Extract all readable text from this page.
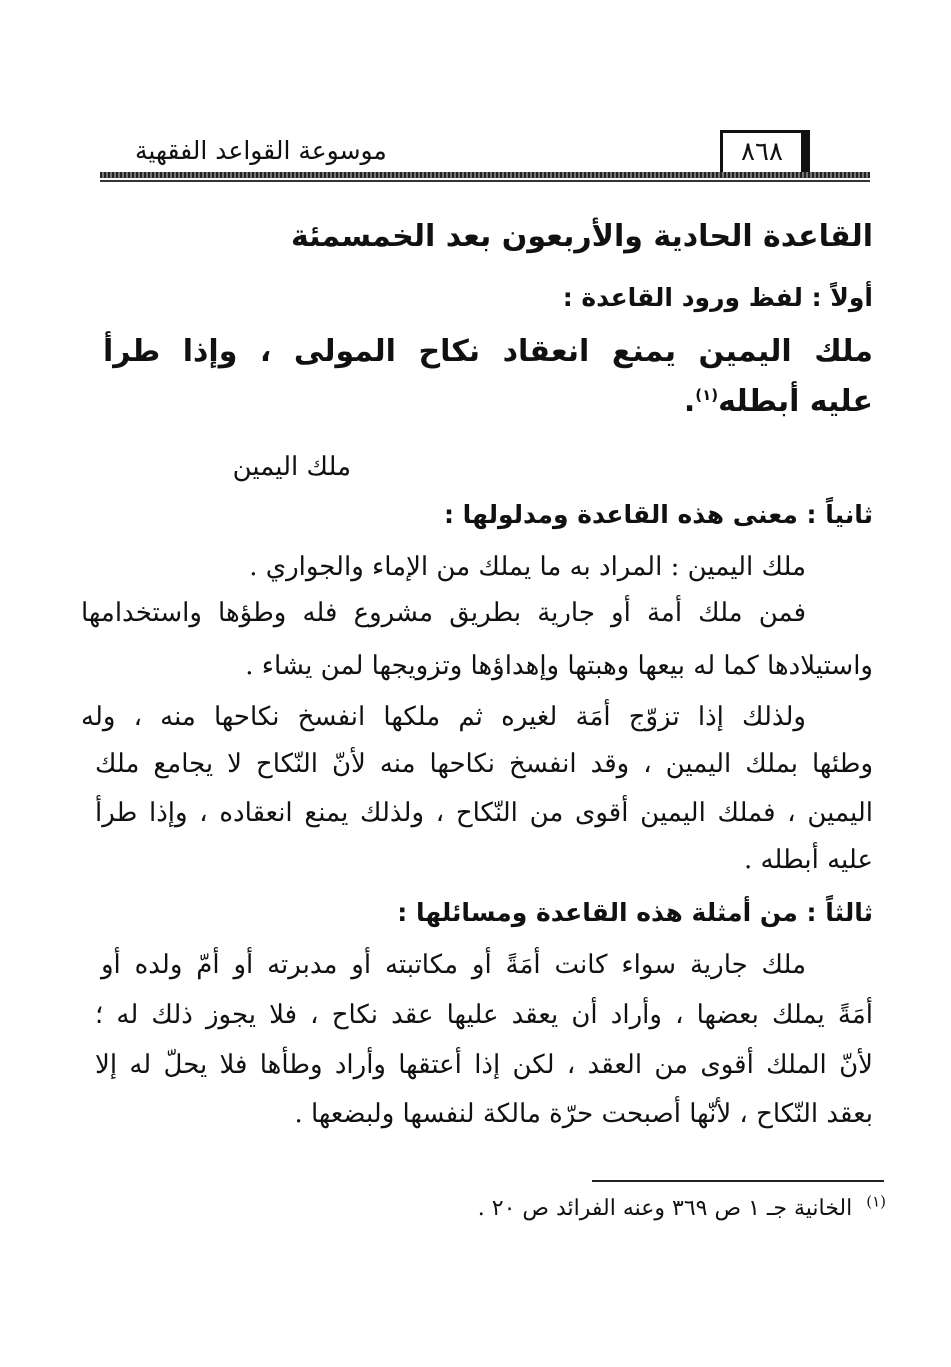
موسوعة القواعد الفقهية	٨٦٨
القاعدة الحادية والأربعون بعد الخمسمئة
أولاً : لفظ ورود القاعدة :
ملك اليمين يمنع انعقاد نكاح المولى ، وإذا طرأ
عليه أبطله$^{(١)}$.
ملك اليمين
ثانياً : معنى هذه القاعدة ومدلولها :
ملك اليمين : المراد به ما يملك من الإماء والجواري .
فمن ملك أمة أو جارية بطريق مشروع فله وطؤها واستخدامها
واستيلادها كما له بيعها وهبتها وإهداؤها وتزويجها لمن يشاء .
ولذلك إذا تزوّج أمَة لغيره ثم ملكها انفسخ نكاحها منه ، وله
وطئها بملك اليمين ، وقد انفسخ نكاحها منه لأنّ النّكاح لا يجامع ملك
اليمين ، فملك اليمين أقوى من النّكاح ، ولذلك يمنع انعقاده ، وإذا طرأ
عليه أبطله .
ثالثاً : من أمثلة هذه القاعدة ومسائلها :
ملك جارية سواء كانت أمَةً أو مكاتبته أو مدبرته أو أمّ ولده أو
أمَةً يملك بعضها ، وأراد أن يعقد عليها عقد نكاح ، فلا يجوز ذلك له ؛
لأنّ الملك أقوى من العقد ، لكن إذا أعتقها وأراد وطأها فلا يحلّ له إلا
بعقد النّكاح ، لأنّها أصبحت حرّة مالكة لنفسها ولبضعها .
$^{(١)}$  الخانية جـ ١ ص ٣٦٩ وعنه الفرائد ص ٢٠ .
